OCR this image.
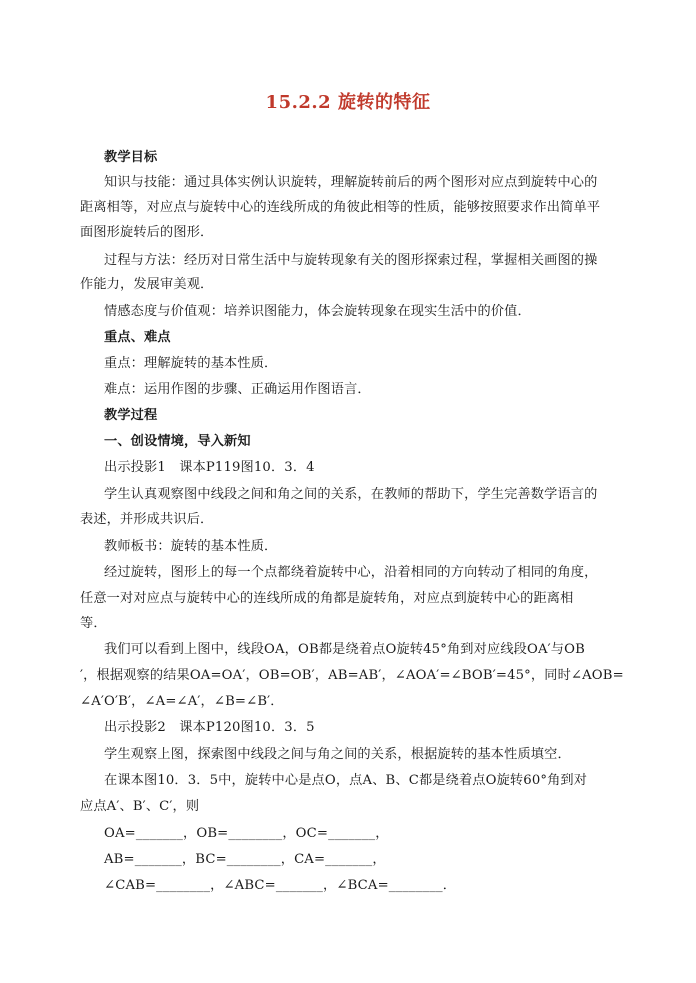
15.2.2 旋转的特征
教学目标
知识与技能：通过具体实例认识旋转，理解旋转前后的两个图形对应点到旋转中心的
距离相等，对应点与旋转中心的连线所成的角彼此相等的性质，能够按照要求作出简单平
面图形旋转后的图形．
过程与方法：经历对日常生活中与旋转现象有关的图形探索过程，掌握相关画图的操
作能力，发展审美观．
情感态度与价值观：培养识图能力，体会旋转现象在现实生活中的价值．
重点、难点
重点：理解旋转的基本性质．
难点：运用作图的步骤、正确运用作图语言．
教学过程
一、创设情境，导入新知
出示投影1　课本P119图10．3．4
学生认真观察图中线段之间和角之间的关系，在教师的帮助下，学生完善数学语言的
表述，并形成共识后．
教师板书：旋转的基本性质．
经过旋转，图形上的每一个点都绕着旋转中心，沿着相同的方向转动了相同的角度，
任意一对对应点与旋转中心的连线所成的角都是旋转角，对应点到旋转中心的距离相
等．
我们可以看到上图中，线段OA，OB都是绕着点O旋转45°角到对应线段OA′与OB
′，根据观察的结果OA=OA′，OB=OB′，AB=AB′，∠AOA′=∠BOB′=45°，同时∠AOB=
∠A′O′B′，∠A=∠A′，∠B=∠B′．
出示投影2　课本P120图10．3．5
学生观察上图，探索图中线段之间与角之间的关系，根据旋转的基本性质填空．
在课本图10．3．5中，旋转中心是点O，点A、B、C都是绕着点O旋转60°角到对
应点A′、B′、C′，则
OA=_______，OB=________，OC=_______，
AB=_______，BC=________，CA=_______，
∠CAB=________，∠ABC=_______，∠BCA=________．
